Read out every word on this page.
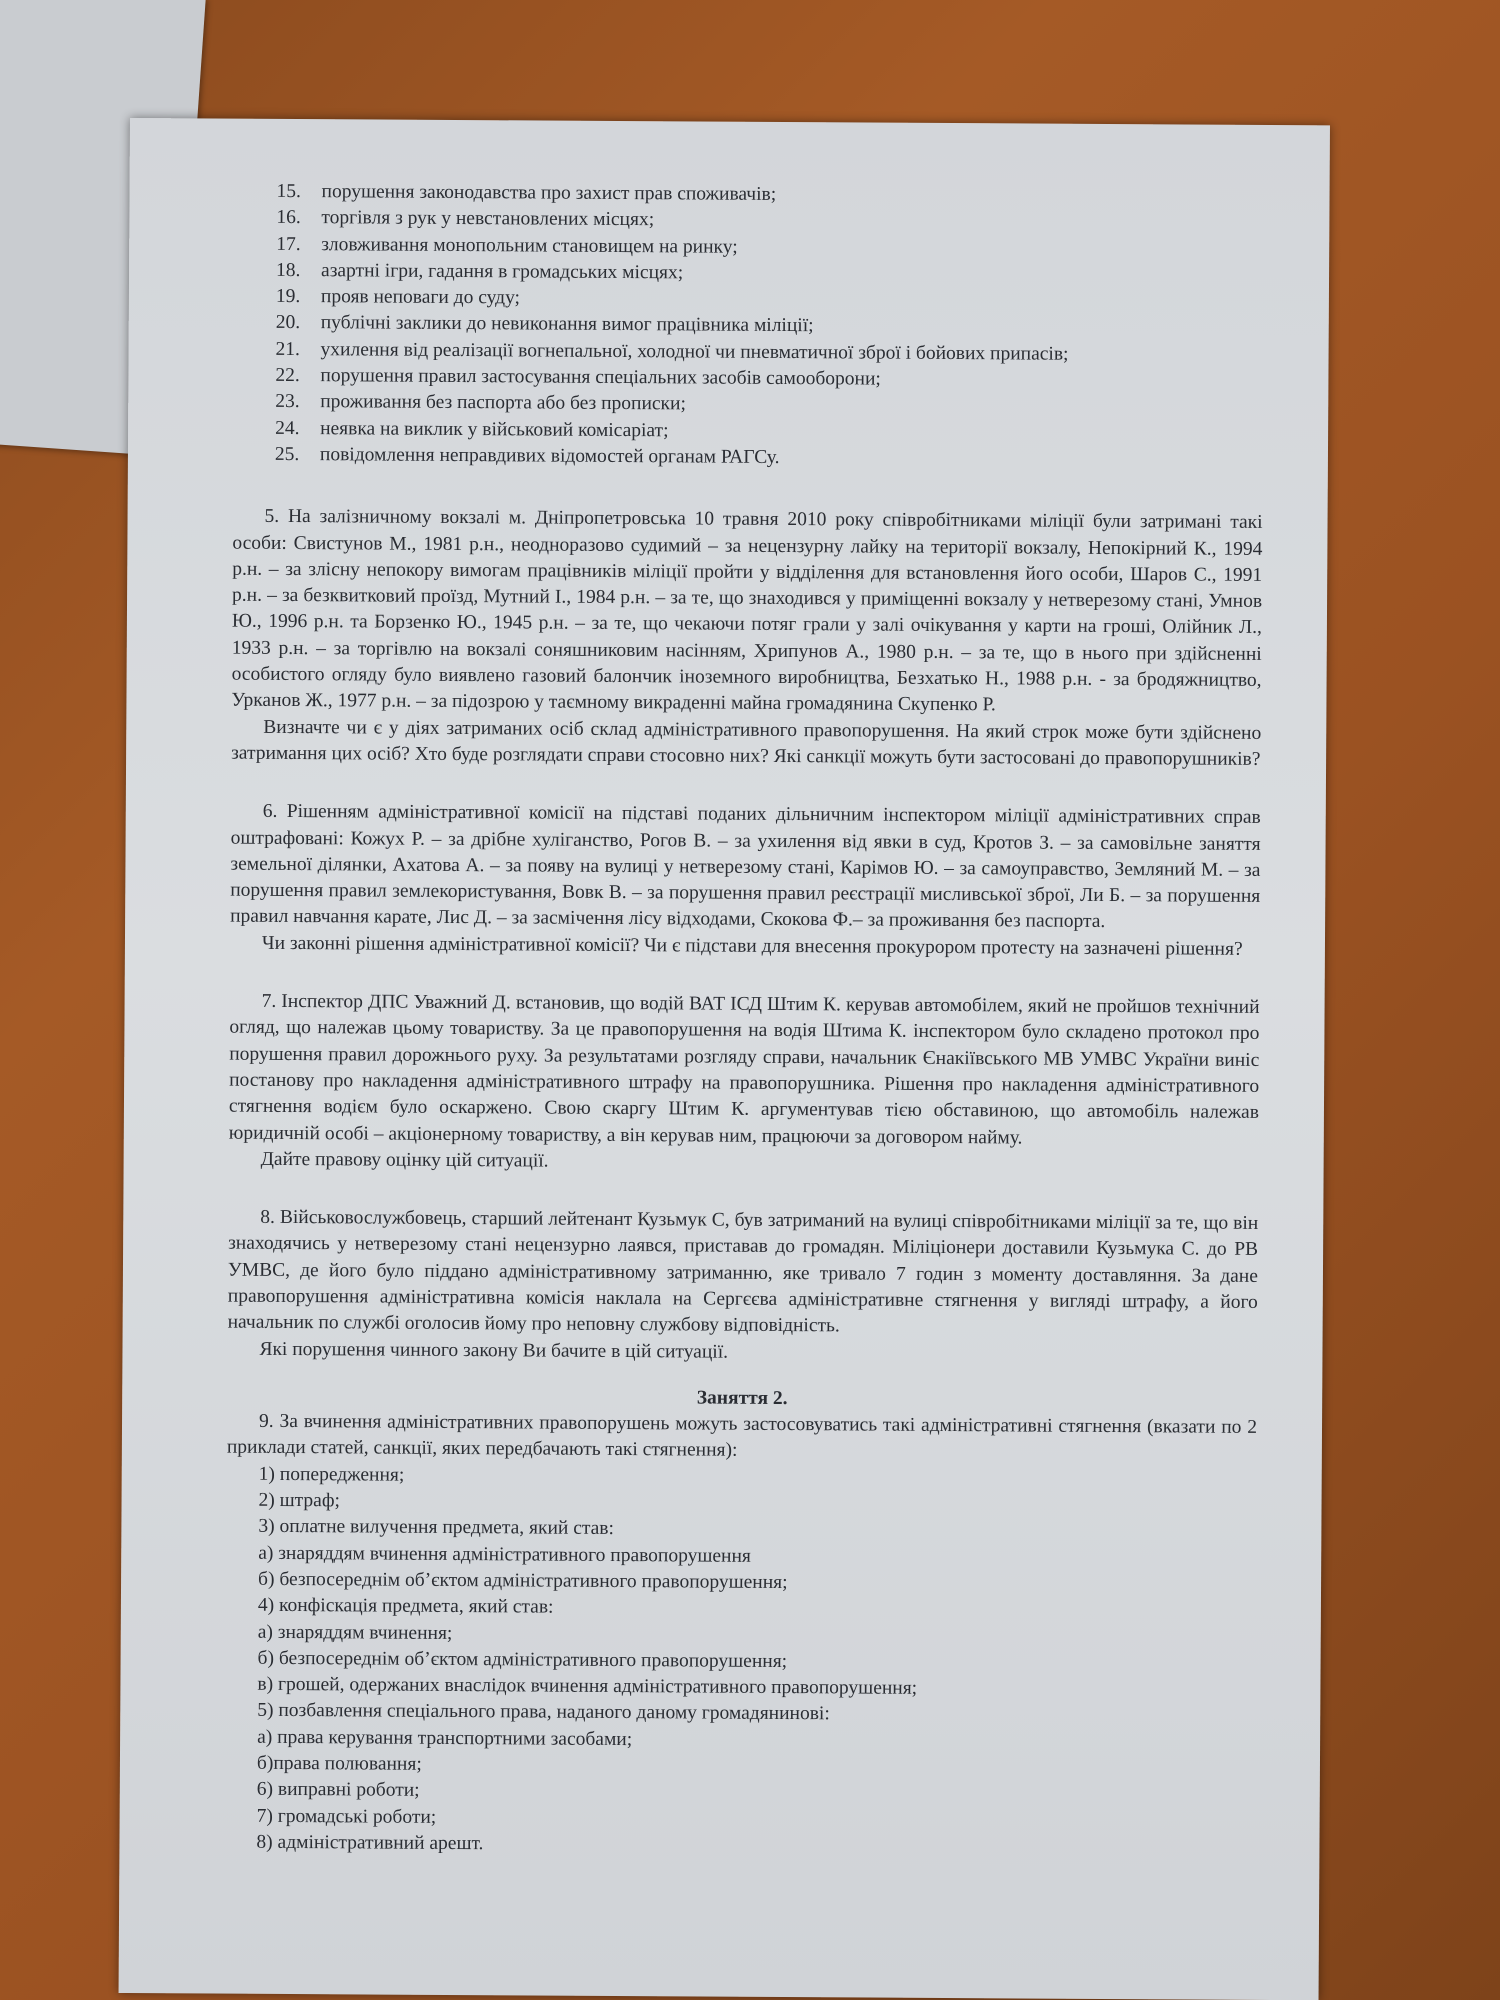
15.	порушення законодавства про захист прав споживачів;
16.	торгівля з рук у невстановлених місцях;
17.	зловживання монопольним становищем на ринку;
18.	азартні ігри, гадання в громадських місцях;
19.	прояв неповаги до суду;
20.	публічні заклики до невиконання вимог працівника міліції;
21.	ухилення від реалізації вогнепальної, холодної чи пневматичної зброї і бойових припасів;
22.	порушення правил застосування спеціальних засобів самооборони;
23.	проживання без паспорта або без прописки;
24.	неявка на виклик у військовий комісаріат;
25.	повідомлення неправдивих відомостей органам РАГСу.

5. На залізничному вокзалі м. Дніпропетровська 10 травня 2010 року співробітниками міліції були затримані такі особи: Свистунов М., 1981 р.н., неодноразово судимий – за нецензурну лайку на території вокзалу, Непокірний К., 1994 р.н. – за злісну непокору вимогам працівників міліції пройти у відділення для встановлення його особи, Шаров С., 1991 р.н. – за безквитковий проїзд, Мутний І., 1984 р.н. – за те, що знаходився у приміщенні вокзалу у нетверезому стані, Умнов Ю., 1996 р.н. та Борзенко Ю., 1945 р.н. – за те, що чекаючи потяг грали у залі очікування у карти на гроші, Олійник Л., 1933 р.н. – за торгівлю на вокзалі соняшниковим насінням, Хрипунов А., 1980 р.н. – за те, що в нього при здійсненні особистого огляду було виявлено газовий балончик іноземного виробництва, Безхатько Н., 1988 р.н. - за бродяжництво, Урканов Ж., 1977 р.н. – за підозрою у таємному викраденні майна громадянина Скупенко Р.

Визначте чи є у діях затриманих осіб склад адміністративного правопорушення. На який строк може бути здійснено затримання цих осіб? Хто буде розглядати справи стосовно них? Які санкції можуть бути застосовані до правопорушників?

6. Рішенням адміністративної комісії на підставі поданих дільничним інспектором міліції адміністративних справ оштрафовані: Кожух Р. – за дрібне хуліганство, Рогов В. – за ухилення від явки в суд, Кротов З. – за самовільне заняття земельної ділянки, Ахатова А. – за появу на вулиці у нетверезому стані, Карімов Ю. – за самоуправство, Земляний М. – за порушення правил землекористування, Вовк В. – за порушення правил реєстрації мисливської зброї, Ли Б. – за порушення правил навчання карате, Лис Д. – за засмічення лісу відходами, Скокова Ф.– за проживання без паспорта.

Чи законні рішення адміністративної комісії? Чи є підстави для внесення прокурором протесту на зазначені рішення?

7. Інспектор ДПС Уважний Д. встановив, що водій ВАТ ІСД Штим К. керував автомобілем, який не пройшов технічний огляд, що належав цьому товариству. За це правопорушення на водія Штима К. інспектором було складено протокол про порушення правил дорожнього руху. За результатами розгляду справи, начальник Єнакіївського МВ УМВС України виніс постанову про накладення адміністративного штрафу на правопорушника. Рішення про накладення адміністративного стягнення водієм було оскаржено. Свою скаргу Штим К. аргументував тією обставиною, що автомобіль належав юридичній особі – акціонерному товариству, а він керував ним, працюючи за договором найму.

Дайте правову оцінку цій ситуації.

8. Військовослужбовець, старший лейтенант Кузьмук С, був затриманий на вулиці співробітниками міліції за те, що він знаходячись у нетверезому стані нецензурно лаявся, приставав до громадян. Міліціонери доставили Кузьмука С. до РВ УМВС, де його було піддано адміністративному затриманню, яке тривало 7 годин з моменту доставляння. За дане правопорушення адміністративна комісія наклала на Сергєєва адміністративне стягнення у вигляді штрафу, а його начальник по службі оголосив йому про неповну службову відповідність.

Які порушення чинного закону Ви бачите в цій ситуації.

Заняття 2.

9. За вчинення адміністративних правопорушень можуть застосовуватись такі адміністративні стягнення (вказати по 2 приклади статей, санкції, яких передбачають такі стягнення):

1) попередження;
2) штраф;
3) оплатне вилучення предмета, який став:
а) знаряддям вчинення адміністративного правопорушення
б) безпосереднім об’єктом адміністративного правопорушення;
4) конфіскація предмета, який став:
а) знаряддям вчинення;
б) безпосереднім об’єктом адміністративного правопорушення;
в) грошей, одержаних внаслідок вчинення адміністративного правопорушення;
5) позбавлення спеціального права, наданого даному громадянинові:
а) права керування транспортними засобами;
б)права полювання;
6) виправні роботи;
7) громадські роботи;
8) адміністративний арешт.
